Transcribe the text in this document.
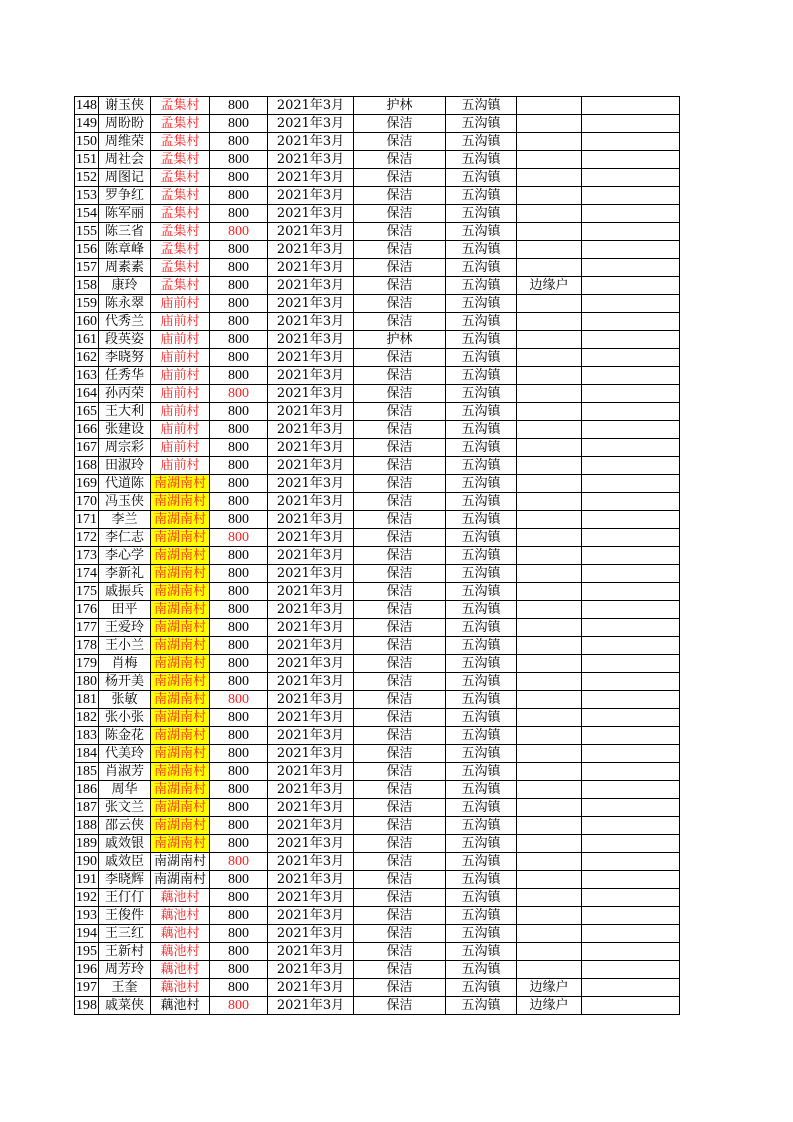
148	谢玉侠	孟集村	800	2021年3月	护林	五沟镇		
149	周盼盼	孟集村	800	2021年3月	保洁	五沟镇		
150	周维荣	孟集村	800	2021年3月	保洁	五沟镇		
151	周社会	孟集村	800	2021年3月	保洁	五沟镇		
152	周图记	孟集村	800	2021年3月	保洁	五沟镇		
153	罗争红	孟集村	800	2021年3月	保洁	五沟镇		
154	陈军丽	孟集村	800	2021年3月	保洁	五沟镇		
155	陈三省	孟集村	800	2021年3月	保洁	五沟镇		
156	陈章峰	孟集村	800	2021年3月	保洁	五沟镇		
157	周素素	孟集村	800	2021年3月	保洁	五沟镇		
158	康玲	孟集村	800	2021年3月	保洁	五沟镇	边缘户	
159	陈永翠	庙前村	800	2021年3月	保洁	五沟镇		
160	代秀兰	庙前村	800	2021年3月	保洁	五沟镇		
161	段英姿	庙前村	800	2021年3月	护林	五沟镇		
162	李晓努	庙前村	800	2021年3月	保洁	五沟镇		
163	任秀华	庙前村	800	2021年3月	保洁	五沟镇		
164	孙丙荣	庙前村	800	2021年3月	保洁	五沟镇		
165	王大利	庙前村	800	2021年3月	保洁	五沟镇		
166	张建设	庙前村	800	2021年3月	保洁	五沟镇		
167	周宗彩	庙前村	800	2021年3月	保洁	五沟镇		
168	田淑玲	庙前村	800	2021年3月	保洁	五沟镇		
169	代道陈	南湖南村	800	2021年3月	保洁	五沟镇		
170	冯玉侠	南湖南村	800	2021年3月	保洁	五沟镇		
171	李兰	南湖南村	800	2021年3月	保洁	五沟镇		
172	李仁志	南湖南村	800	2021年3月	保洁	五沟镇		
173	李心学	南湖南村	800	2021年3月	保洁	五沟镇		
174	李新礼	南湖南村	800	2021年3月	保洁	五沟镇		
175	戚振兵	南湖南村	800	2021年3月	保洁	五沟镇		
176	田平	南湖南村	800	2021年3月	保洁	五沟镇		
177	王爱玲	南湖南村	800	2021年3月	保洁	五沟镇		
178	王小兰	南湖南村	800	2021年3月	保洁	五沟镇		
179	肖梅	南湖南村	800	2021年3月	保洁	五沟镇		
180	杨开美	南湖南村	800	2021年3月	保洁	五沟镇		
181	张敏	南湖南村	800	2021年3月	保洁	五沟镇		
182	张小张	南湖南村	800	2021年3月	保洁	五沟镇		
183	陈金花	南湖南村	800	2021年3月	保洁	五沟镇		
184	代美玲	南湖南村	800	2021年3月	保洁	五沟镇		
185	肖淑芳	南湖南村	800	2021年3月	保洁	五沟镇		
186	周华	南湖南村	800	2021年3月	保洁	五沟镇		
187	张文兰	南湖南村	800	2021年3月	保洁	五沟镇		
188	邵云侠	南湖南村	800	2021年3月	保洁	五沟镇		
189	戚效银	南湖南村	800	2021年3月	保洁	五沟镇		
190	戚效臣	南湖南村	800	2021年3月	保洁	五沟镇		
191	李晓辉	南湖南村	800	2021年3月	保洁	五沟镇		
192	王仃仃	藕池村	800	2021年3月	保洁	五沟镇		
193	王俊件	藕池村	800	2021年3月	保洁	五沟镇		
194	王三红	藕池村	800	2021年3月	保洁	五沟镇		
195	王新村	藕池村	800	2021年3月	保洁	五沟镇		
196	周芳玲	藕池村	800	2021年3月	保洁	五沟镇		
197	王奎	藕池村	800	2021年3月	保洁	五沟镇	边缘户	
198	戚菜侠	藕池村	800	2021年3月	保洁	五沟镇	边缘户	
